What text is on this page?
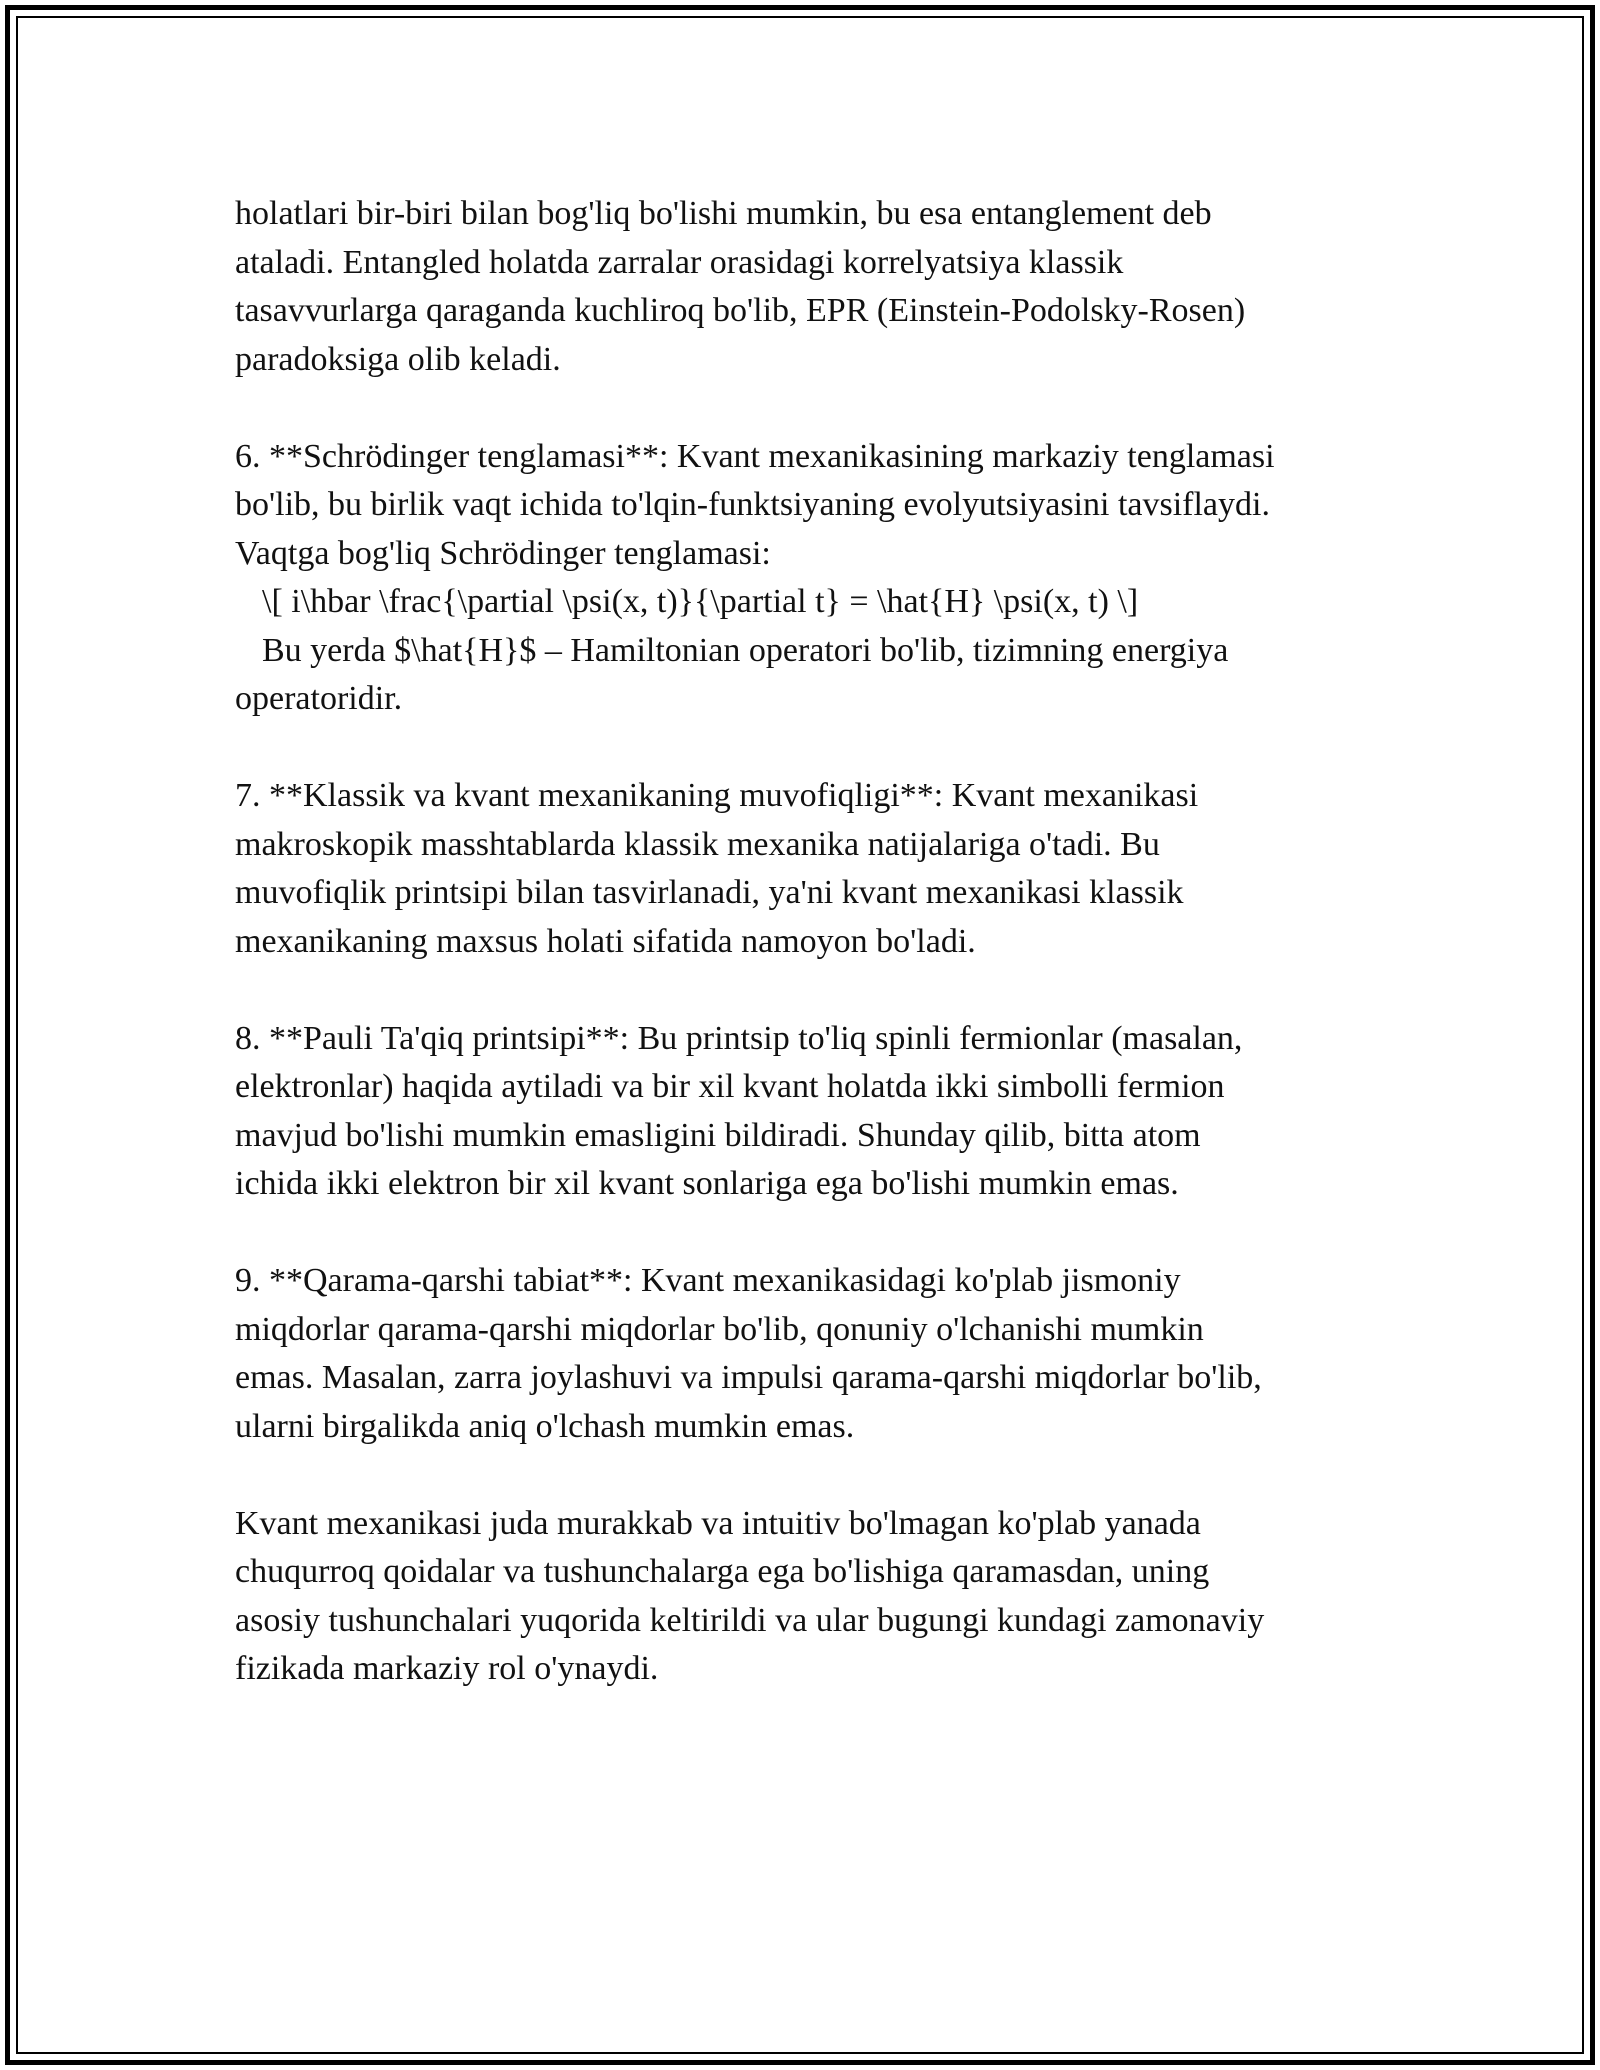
holatlari bir-biri bilan bog'liq bo'lishi mumkin, bu esa entanglement deb
ataladi. Entangled holatda zarralar orasidagi korrelyatsiya klassik
tasavvurlarga qaraganda kuchliroq bo'lib, EPR (Einstein-Podolsky-Rosen)
paradoksiga olib keladi.

6. **Schrödinger tenglamasi**: Kvant mexanikasining markaziy tenglamasi
bo'lib, bu birlik vaqt ichida to'lqin-funktsiyaning evolyutsiyasini tavsiflaydi.
Vaqtga bog'liq Schrödinger tenglamasi:
\[ i\hbar \frac{\partial \psi(x, t)}{\partial t} = \hat{H} \psi(x, t) \]
Bu yerda $\hat{H}$ – Hamiltonian operatori bo'lib, tizimning energiya
operatoridir.

7. **Klassik va kvant mexanikaning muvofiqligi**: Kvant mexanikasi
makroskopik masshtablarda klassik mexanika natijalariga o'tadi. Bu
muvofiqlik printsipi bilan tasvirlanadi, ya'ni kvant mexanikasi klassik
mexanikaning maxsus holati sifatida namoyon bo'ladi.

8. **Pauli Ta'qiq printsipi**: Bu printsip to'liq spinli fermionlar (masalan,
elektronlar) haqida aytiladi va bir xil kvant holatda ikki simbolli fermion
mavjud bo'lishi mumkin emasligini bildiradi. Shunday qilib, bitta atom
ichida ikki elektron bir xil kvant sonlariga ega bo'lishi mumkin emas.

9. **Qarama-qarshi tabiat**: Kvant mexanikasidagi ko'plab jismoniy
miqdorlar qarama-qarshi miqdorlar bo'lib, qonuniy o'lchanishi mumkin
emas. Masalan, zarra joylashuvi va impulsi qarama-qarshi miqdorlar bo'lib,
ularni birgalikda aniq o'lchash mumkin emas.

Kvant mexanikasi juda murakkab va intuitiv bo'lmagan ko'plab yanada
chuqurroq qoidalar va tushunchalarga ega bo'lishiga qaramasdan, uning
asosiy tushunchalari yuqorida keltirildi va ular bugungi kundagi zamonaviy
fizikada markaziy rol o'ynaydi.
